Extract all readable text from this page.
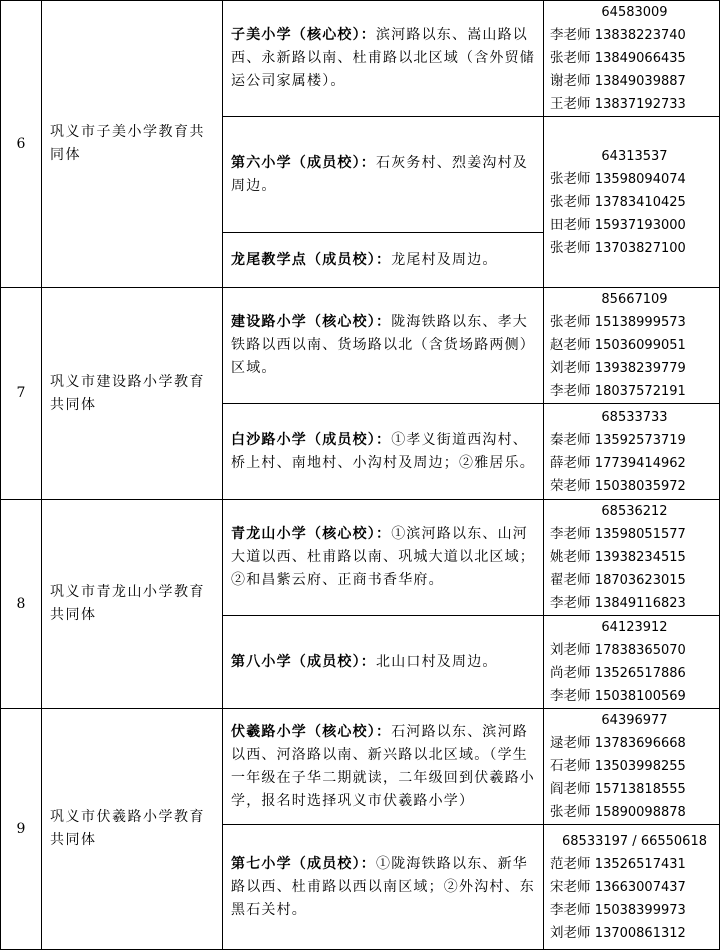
6	巩义市子美小学教育共同体	子美小学（核心校）：滨河路以东、嵩山路以西、永新路以南、杜甫路以北区域（含外贸储运公司家属楼）。	64583009
李老师 13838223740
张老师 13849066435
谢老师 13849039887
王老师 13837192733

		第六小学（成员校）：石灰务村、烈姜沟村及周边。	64313537
张老师 13598094074
张老师 13783410425
田老师 15937193000
张老师 13703827100

		龙尾教学点（成员校）：龙尾村及周边。	
7	巩义市建设路小学教育共同体	建设路小学（核心校）：陇海铁路以东、孝大铁路以西以南、货场路以北（含货场路两侧）区域。	85667109
张老师 15138999573
赵老师 15036099051
刘老师 13938239779
李老师 18037572191

		白沙路小学（成员校）：①孝义街道西沟村、桥上村、南地村、小沟村及周边；②雅居乐。	68533733
秦老师 13592573719
薛老师 17739414962
荣老师 15038035972

8	巩义市青龙山小学教育共同体	青龙山小学（核心校）：①滨河路以东、山河大道以西、杜甫路以南、巩城大道以北区域；②和昌紫云府、正商书香华府。	68536212
李老师 13598051577
姚老师 13938234515
翟老师 18703623015
李老师 13849116823

		第八小学（成员校）：北山口村及周边。	64123912
刘老师 17838365070
尚老师 13526517886
李老师 15038100569

9	巩义市伏羲路小学教育共同体	伏羲路小学（核心校）：石河路以东、滨河路以西、河洛路以南、新兴路以北区域。（学生一年级在子华二期就读，二年级回到伏羲路小学，报名时选择巩义市伏羲路小学）	64396977
逯老师 13783696668
石老师 13503998255
阎老师 15713818555
张老师 15890098878

		第七小学（成员校）：①陇海铁路以东、新华路以西、杜甫路以西以南区域；②外沟村、东黑石关村。	68533197 / 66550618
范老师 13526517431
宋老师 13663007437
李老师 15038399973
刘老师 13700861312
